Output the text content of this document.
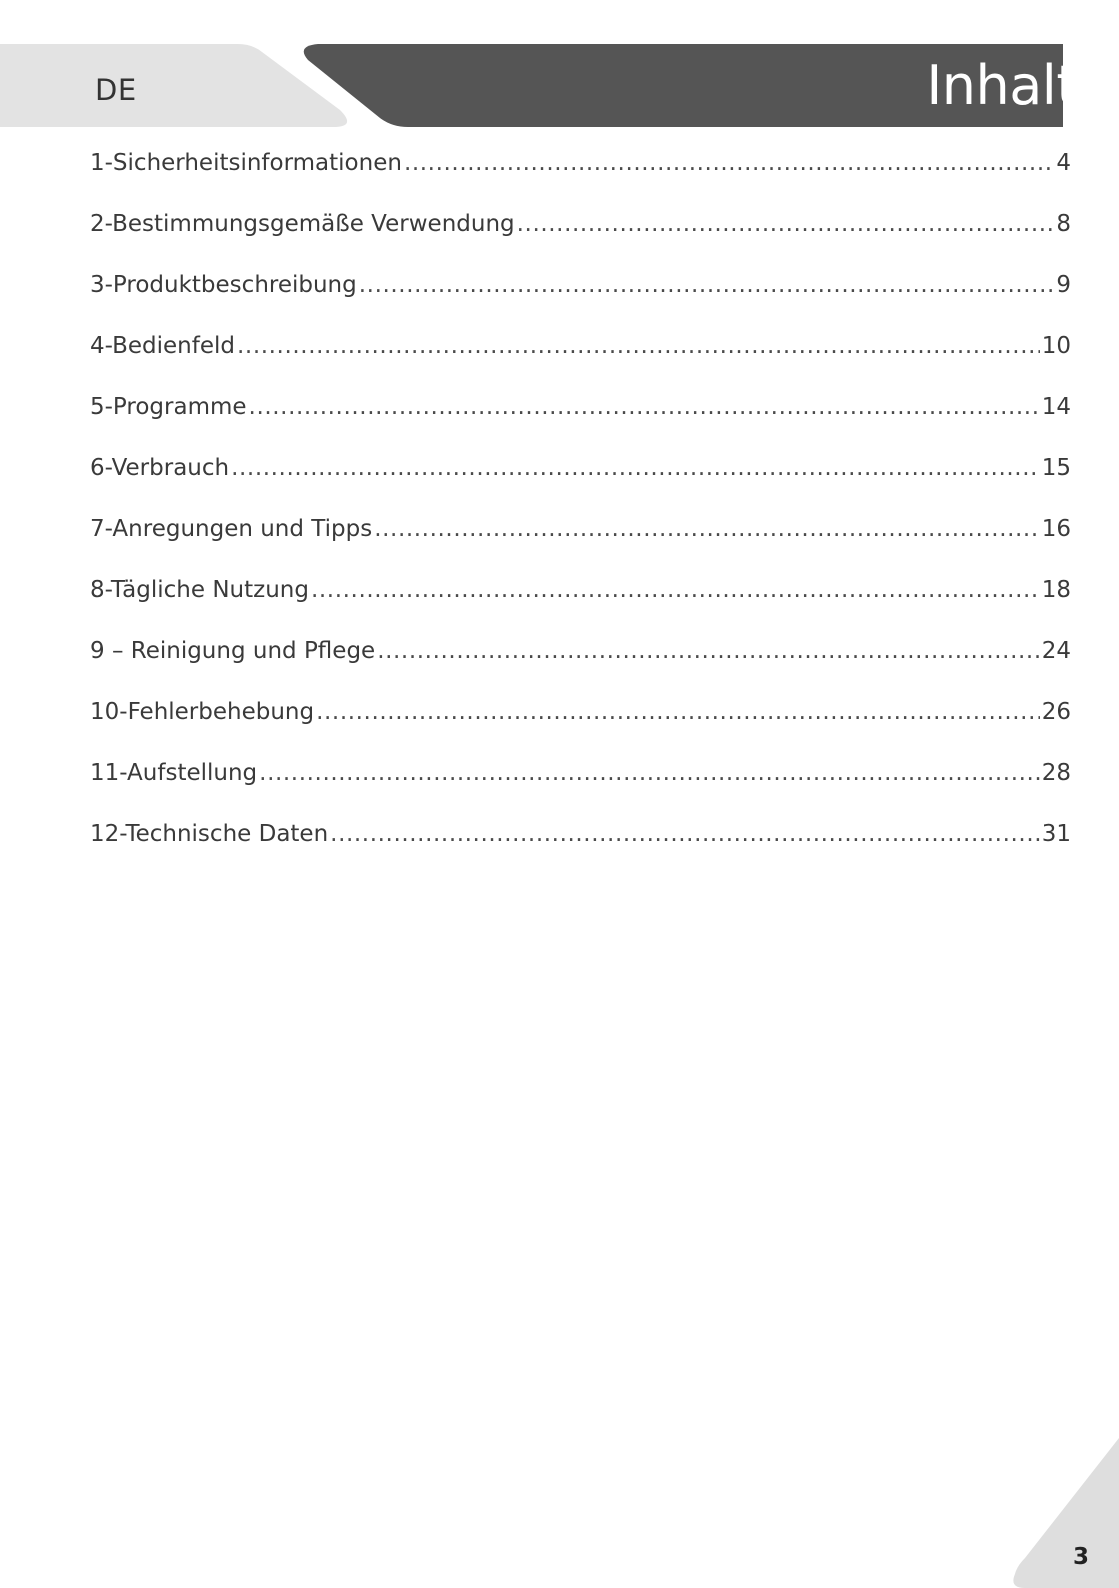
DE	Inhalt
1-Sicherheitsinformationen .....	4
2-Bestimmungsgemäße Verwendung .....	8
3-Produktbeschreibung .....	9
4-Bedienfeld .....	10
5-Programme .....	14
6-Verbrauch .....	15
7-Anregungen und Tipps .....	16
8-Tägliche Nutzung .....	18
9 – Reinigung und Pflege .....	24
10-Fehlerbehebung .....	26
11-Aufstellung .....	28
12-Technische Daten .....	31
3
